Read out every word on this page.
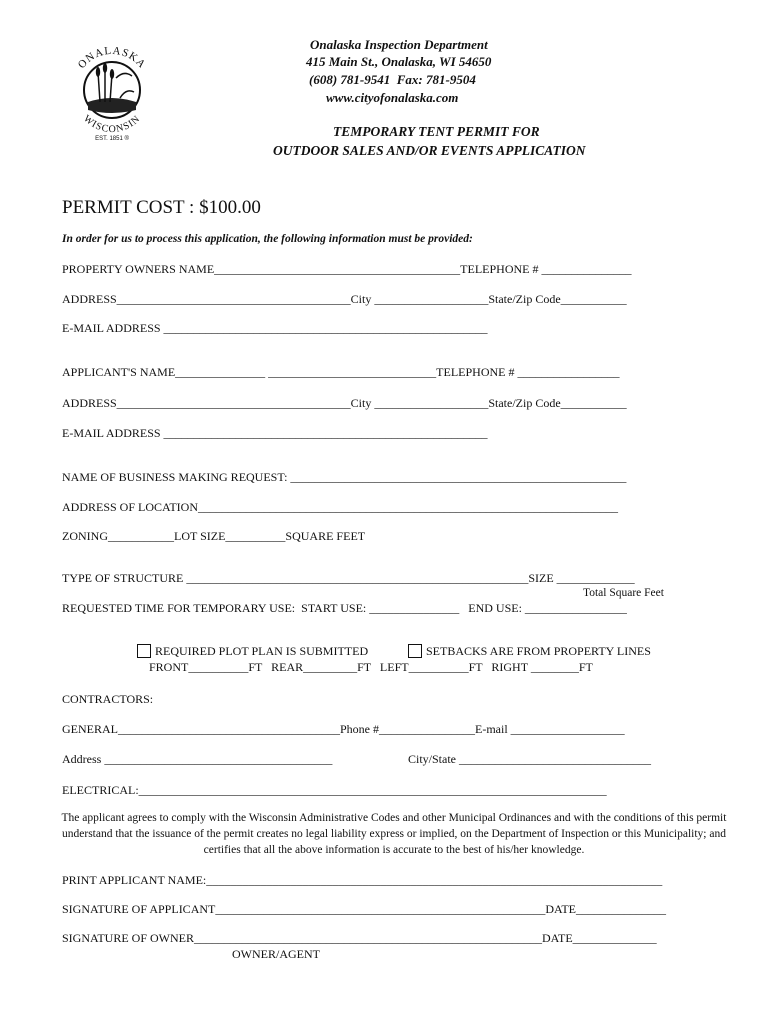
ONALASKA
WISCONSIN
EST. 1851 ®
Onalaska Inspection Department
415 Main St., Onalaska, WI 54650
(608) 781-9541  Fax: 781-9504
www.cityofonalaska.com
TEMPORARY TENT PERMIT FOR
OUTDOOR SALES AND/OR EVENTS APPLICATION
PERMIT COST : $100.00
In order for us to process this application, the following information must be provided:
PROPERTY OWNERS NAME_________________________________________TELEPHONE # _______________
ADDRESS_______________________________________City ___________________State/Zip Code___________
E-MAIL ADDRESS ______________________________________________________
APPLICANT'S NAME_______________ ____________________________TELEPHONE # _________________
ADDRESS_______________________________________City ___________________State/Zip Code___________
E-MAIL ADDRESS ______________________________________________________
NAME OF BUSINESS MAKING REQUEST: ________________________________________________________
ADDRESS OF LOCATION______________________________________________________________________
ZONING___________LOT SIZE__________SQUARE FEET
TYPE OF STRUCTURE _________________________________________________________SIZE _____________
Total Square Feet
REQUESTED TIME FOR TEMPORARY USE:  START USE: _______________   END USE: _________________

REQUIRED PLOT PLAN IS SUBMITTED	SETBACKS ARE FROM PROPERTY LINES

FRONT__________FT   REAR_________FT   LEFT__________FT   RIGHT ________FT
CONTRACTORS:
GENERAL_____________________________________Phone #________________E-mail ___________________
Address ______________________________________	City/State ________________________________
ELECTRICAL:______________________________________________________________________________
The applicant agrees to comply with the Wisconsin Administrative Codes and other Municipal Ordinances and with the conditions of this permit understand that the issuance of the permit creates no legal liability express or implied, on the Department of Inspection or this Municipality; and certifies that all the above information is accurate to the best of his/her knowledge.
PRINT APPLICANT NAME:____________________________________________________________________________
SIGNATURE OF APPLICANT_______________________________________________________DATE_______________
SIGNATURE OF OWNER__________________________________________________________DATE______________
OWNER/AGENT
